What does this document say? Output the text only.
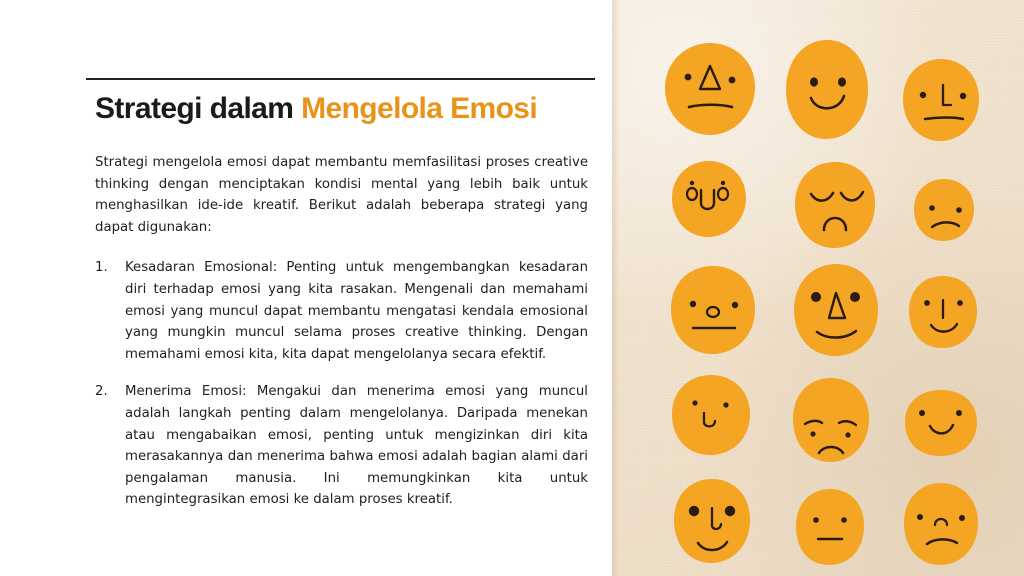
Strategi dalam Mengelola Emosi

Strategi mengelola emosi dapat membantu memfasilitasi proses creative thinking dengan menciptakan kondisi mental yang lebih baik untuk menghasilkan ide-ide kreatif. Berikut adalah beberapa strategi yang dapat digunakan:

1.	Kesadaran Emosional: Penting untuk mengembangkan kesadaran diri terhadap emosi yang kita rasakan. Mengenali dan memahami emosi yang muncul dapat membantu mengatasi kendala emosional yang mungkin muncul selama proses creative thinking. Dengan memahami emosi kita, kita dapat mengelolanya secara efektif.
2.	Menerima Emosi: Mengakui dan menerima emosi yang muncul adalah langkah penting dalam mengelolanya. Daripada menekan atau mengabaikan emosi, penting untuk mengizinkan diri kita merasakannya dan menerima bahwa emosi adalah bagian alami dari pengalaman manusia. Ini memungkinkan kita untuk mengintegrasikan emosi ke dalam proses kreatif.
